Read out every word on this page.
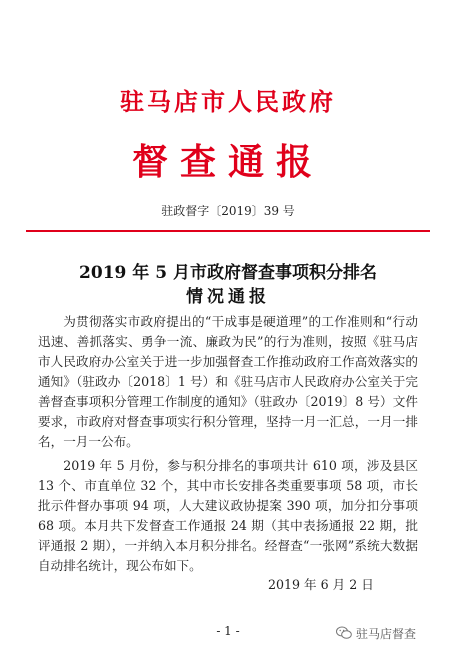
驻马店市人民政府
督查通报
驻政督字〔2019〕39 号
2019 年 5 月市政府督查事项积分排名
情况通报

为贯彻落实市政府提出的“干成事是硬道理”的工作准则和“行动迅速、善抓落实、勇争一流、廉政为民”的行为准则，按照《驻马店市人民政府办公室关于进一步加强督查工作推动政府工作高效落实的通知》（驻政办〔2018〕1 号）和《驻马店市人民政府办公室关于完善督查事项积分管理工作制度的通知》（驻政办〔2019〕8 号）文件要求，市政府对督查事项实行积分管理，坚持一月一汇总，一月一排名，一月一公布。

2019 年 5 月份，参与积分排名的事项共计 610 项，涉及县区 13 个、市直单位 32 个，其中市长安排各类重要事项 58 项，市长批示件督办事项 94 项，人大建议政协提案 390 项，加分扣分事项 68 项。本月共下发督查工作通报 24 期（其中表扬通报 22 期，批评通报 2 期），一并纳入本月积分排名。经督查“一张网”系统大数据自动排名统计，现公布如下。

2019 年 6 月 2 日
- 1 -	驻马店督查
